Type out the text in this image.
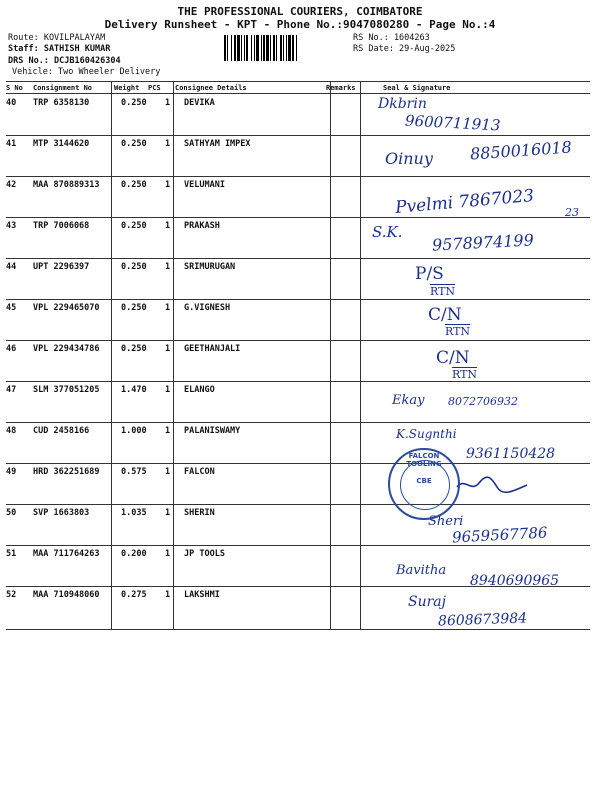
THE PROFESSIONAL COURIERS, COIMBATORE
Delivery Runsheet - KPT - Phone No.:9047080280 - Page No.:4
Route: KOVILPALAYAM
Staff: SATHISH KUMAR
DRS No.: DCJB160426304
Vehicle: Two Wheeler Delivery
RS No.: 1604263
RS Date: 29-Aug-2025
S No Consignment No	Weight PCS Consignee Details	Remarks	Seal & Signature
40 TRP 6358130	0.250 1 DEVIKA	Dkbrin
9600711913
41 MTP 3144620	0.250 1 SATHYAM IMPEX
Oinuy 8850016018
42 MAA 870889313	0.250 1 VELUMANI
Pvelmi 7867023	23
43 TRP 7006068	0.250 1 PRAKASH	S.K. 9578974199
44 UPT 2296397	0.250 1 SRIMURUGAN	P/S
RTN
45 VPL 229465070	0.250 1 G.VIGNESH	C/N
RTN
46 VPL 229434786	0.250 1 GEETHANJALI	C/N
RTN
47 SLM 377051205	1.470 1 ELANGO
Ekay 8072706932
48 CUD 2458166	1.000 1 PALANISWAMY	K.Sugnthi
9361150428
49 HRD 362251689	0.575 1 FALCON
50 SVP 1663803	1.035 1 SHERIN
Sheri
9659567786
51 MAA 711764263	0.200 1 JP TOOLS
Bavitha
8940690965
52 MAA 710948060	0.275 1 LAKSHMI	Suraj
8608673984
FALCON TOOLING
CBE
